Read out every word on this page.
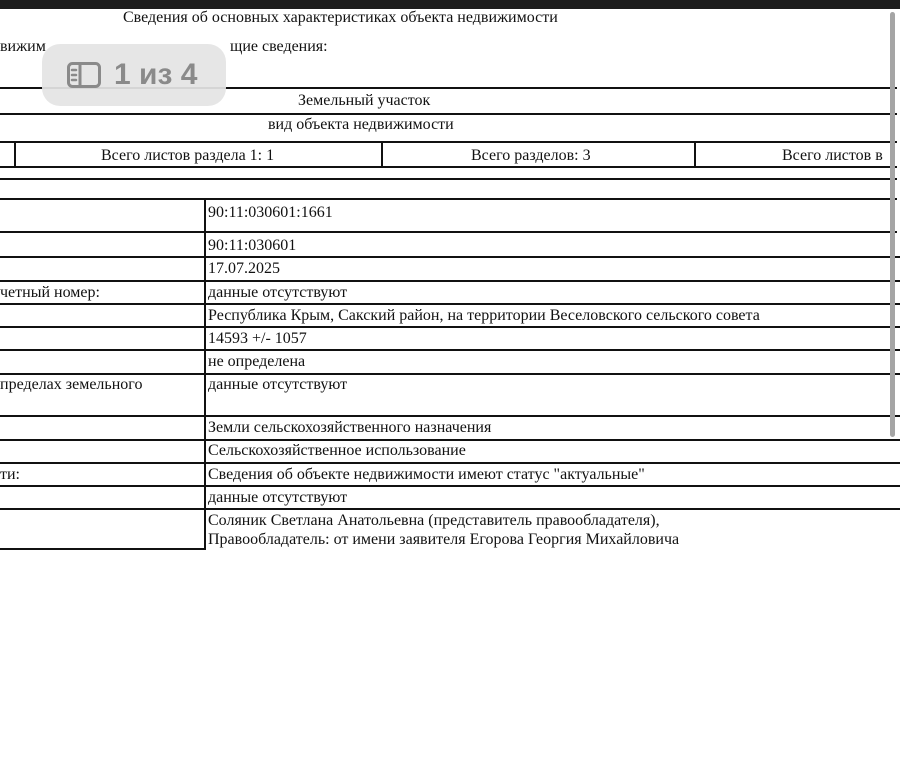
Сведения об основных характеристиках объекта недвижимости
вижим	щие сведения:
Земельный участок
вид объекта недвижимости
Всего листов раздела 1: 1	Всего разделов: 3	Всего листов в
90:11:030601:1661
90:11:030601
17.07.2025
четный номер:	данные отсутствуют
Республика Крым, Сакский район, на территории Веселовского сельского совета
14593 +/- 1057
не определена
пределах земельного	данные отсутствуют
Земли сельскохозяйственного назначения
Сельскохозяйственное использование
ти:	Сведения об объекте недвижимости имеют статус "актуальные"
данные отсутствуют
Соляник Светлана Анатольевна (представитель правообладателя),
Правообладатель: от имени заявителя Егорова Георгия Михайловича
1 из 4
